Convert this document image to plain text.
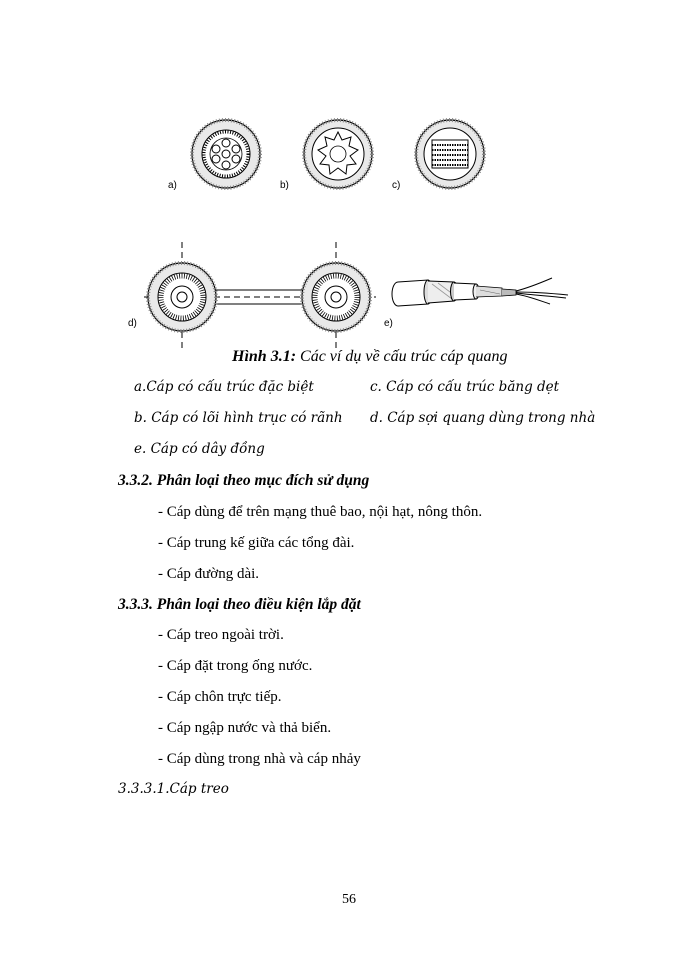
a)	b)	c)
d)	e)
Hình 3.1: Các ví dụ về cấu trúc cáp quang
a.Cáp có cấu trúc đặc biệt	c. Cáp có cấu trúc băng dẹt
b. Cáp có lõi hình trục có rãnh d. Cáp sợi quang dùng trong nhà
e. Cáp có dây đồng
3.3.2. Phân loại theo mục đích sử dụng
- Cáp dùng để trên mạng thuê bao, nội hạt, nông thôn.
- Cáp trung kế giữa các tổng đài.
- Cáp đường dài.
3.3.3. Phân loại theo điều kiện lắp đặt
- Cáp treo ngoài trời.
- Cáp đặt trong ống nước.
- Cáp chôn trực tiếp.
- Cáp ngập nước và thả biển.
- Cáp dùng trong nhà và cáp nhảy
3.3.3.1.Cáp treo
56
